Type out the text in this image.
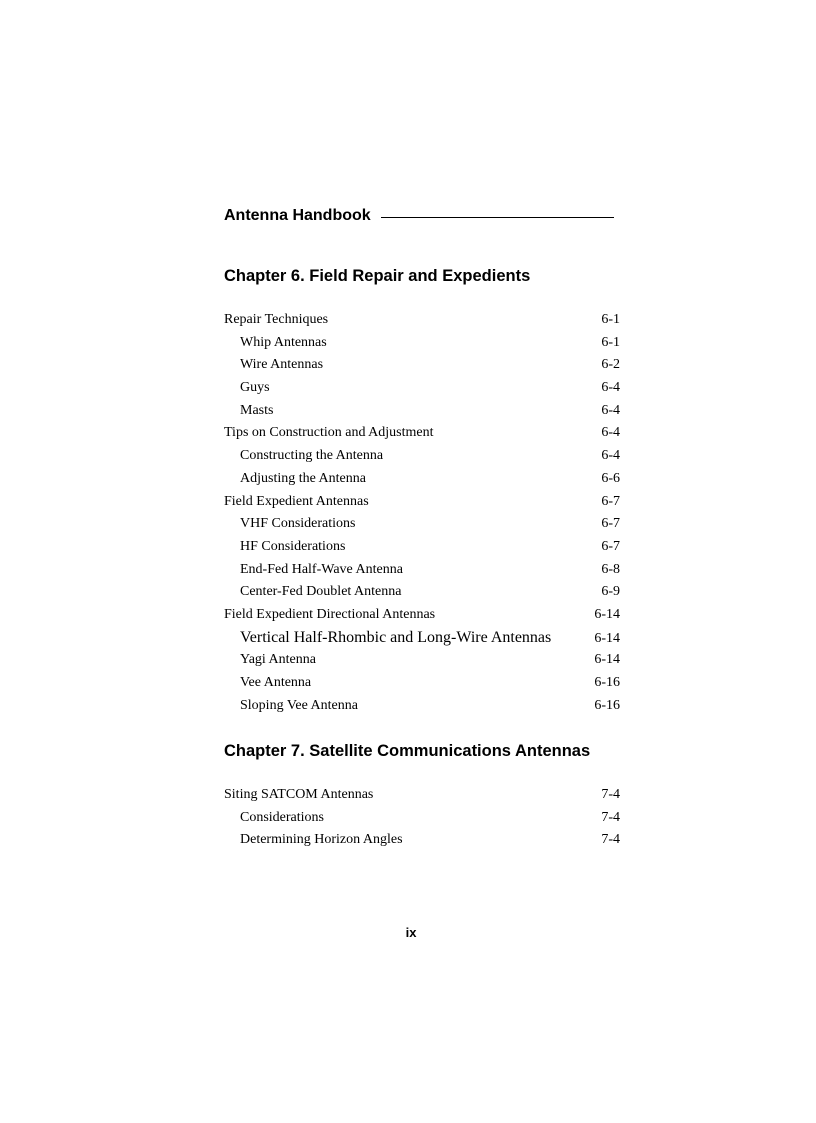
Antenna Handbook
Chapter 6. Field Repair and Expedients
Repair Techniques	6-1
Whip Antennas	6-1
Wire Antennas	6-2
Guys	6-4
Masts	6-4
Tips on Construction and Adjustment	6-4
Constructing the Antenna	6-4
Adjusting the Antenna	6-6
Field Expedient Antennas	6-7
VHF Considerations	6-7
HF Considerations	6-7
End-Fed Half-Wave Antenna	6-8
Center-Fed Doublet Antenna	6-9
Field Expedient Directional Antennas	6-14
Vertical Half-Rhombic and Long-Wire Antennas	6-14
Yagi Antenna	6-14
Vee Antenna	6-16
Sloping Vee Antenna	6-16
Chapter 7. Satellite Communications Antennas
Siting SATCOM Antennas	7-4
Considerations	7-4
Determining Horizon Angles	7-4
ix
